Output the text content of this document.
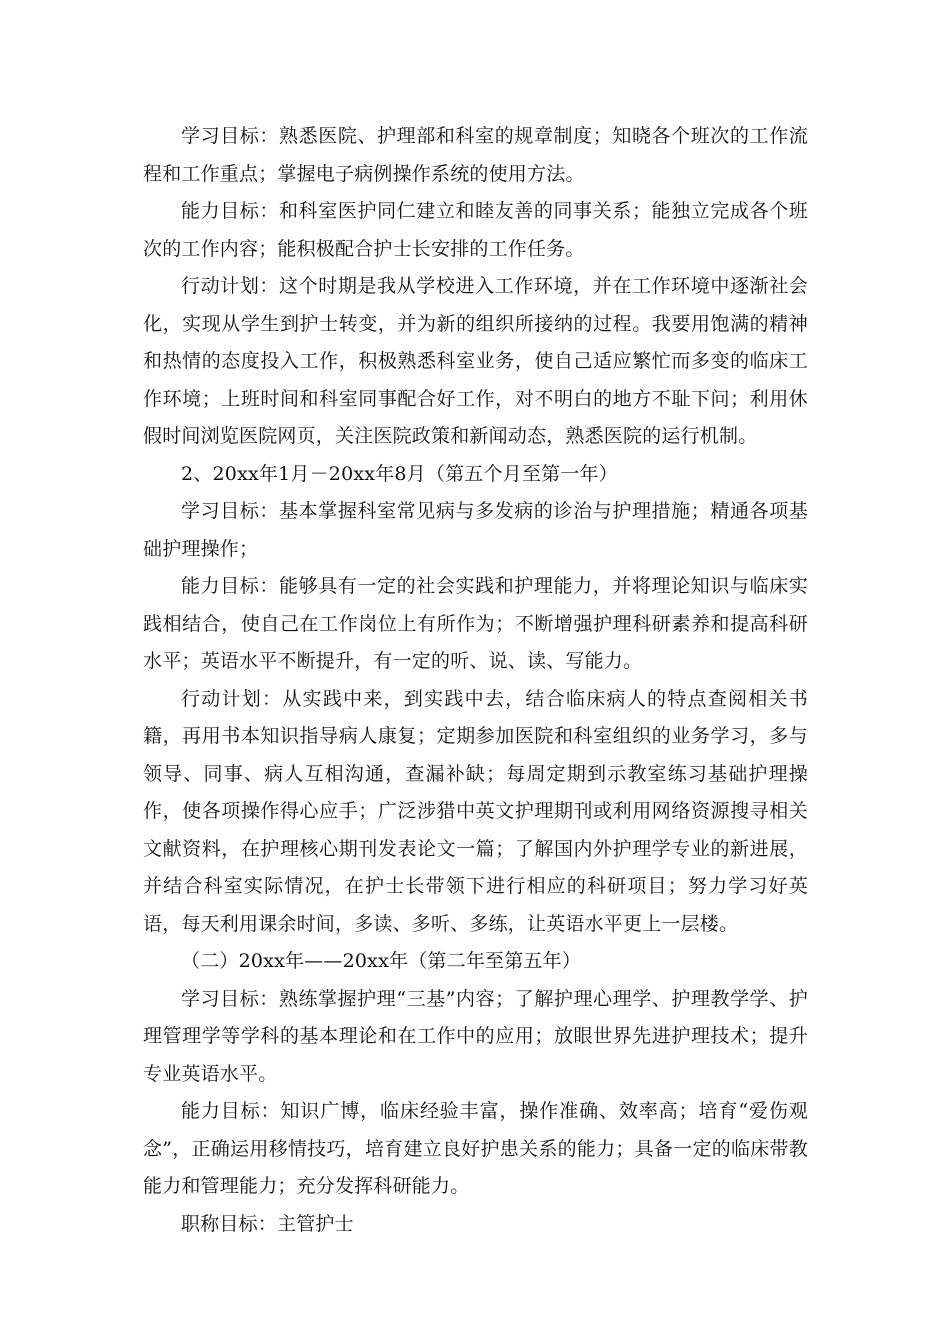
学习目标：熟悉医院、护理部和科室的规章制度；知晓各个班次的工作流程和工作重点；掌握电子病例操作系统的使用方法。

能力目标：和科室医护同仁建立和睦友善的同事关系；能独立完成各个班次的工作内容；能积极配合护士长安排的工作任务。

行动计划：这个时期是我从学校进入工作环境，并在工作环境中逐渐社会化，实现从学生到护士转变，并为新的组织所接纳的过程。我要用饱满的精神和热情的态度投入工作，积极熟悉科室业务，使自己适应繁忙而多变的临床工作环境；上班时间和科室同事配合好工作，对不明白的地方不耻下问；利用休假时间浏览医院网页，关注医院政策和新闻动态，熟悉医院的运行机制。

2、20xx年1月－20xx年8月（第五个月至第一年）

学习目标：基本掌握科室常见病与多发病的诊治与护理措施；精通各项基础护理操作；

能力目标：能够具有一定的社会实践和护理能力，并将理论知识与临床实践相结合，使自己在工作岗位上有所作为；不断增强护理科研素养和提高科研水平；英语水平不断提升，有一定的听、说、读、写能力。

行动计划：从实践中来，到实践中去，结合临床病人的特点查阅相关书籍，再用书本知识指导病人康复；定期参加医院和科室组织的业务学习，多与领导、同事、病人互相沟通，查漏补缺；每周定期到示教室练习基础护理操作，使各项操作得心应手；广泛涉猎中英文护理期刊或利用网络资源搜寻相关文献资料，在护理核心期刊发表论文一篇；了解国内外护理学专业的新进展，并结合科室实际情况，在护士长带领下进行相应的科研项目；努力学习好英语，每天利用课余时间，多读、多听、多练，让英语水平更上一层楼。

（二）20xx年——20xx年（第二年至第五年）

学习目标：熟练掌握护理“三基”内容；了解护理心理学、护理教学学、护理管理学等学科的基本理论和在工作中的应用；放眼世界先进护理技术；提升专业英语水平。

能力目标：知识广博，临床经验丰富，操作准确、效率高；培育“爱伤观念”，正确运用移情技巧，培育建立良好护患关系的能力；具备一定的临床带教能力和管理能力；充分发挥科研能力。

职称目标：主管护士
